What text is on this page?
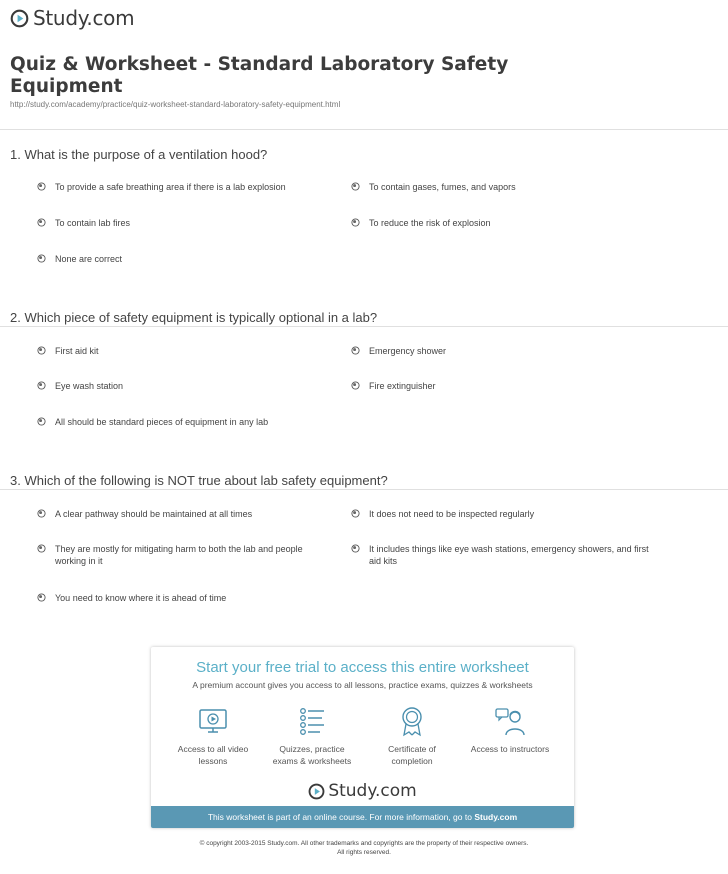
Study.com
Quiz & Worksheet - Standard Laboratory Safety Equipment
http://study.com/academy/practice/quiz-worksheet-standard-laboratory-safety-equipment.html
1. What is the purpose of a ventilation hood?
To provide a safe breathing area if there is a lab explosion	To contain gases, fumes, and vapors
To contain lab fires	To reduce the risk of explosion
None are correct
2. Which piece of safety equipment is typically optional in a lab?
First aid kit	Emergency shower
Eye wash station	Fire extinguisher
All should be standard pieces of equipment in any lab
3. Which of the following is NOT true about lab safety equipment?
A clear pathway should be maintained at all times	It does not need to be inspected regularly
They are mostly for mitigating harm to both the lab and people working in it
It includes things like eye wash stations, emergency showers, and first aid kits
You need to know where it is ahead of time
Start your free trial to access this entire worksheet
A premium account gives you access to all lessons, practice exams, quizzes & worksheets
Access to all video lessons
Quizzes, practice exams & worksheets
Certificate of completion
Access to instructors
Study.com
This worksheet is part of an online course. For more information, go to Study.com
© copyright 2003-2015 Study.com. All other trademarks and copyrights are the property of their respective owners.
All rights reserved.
